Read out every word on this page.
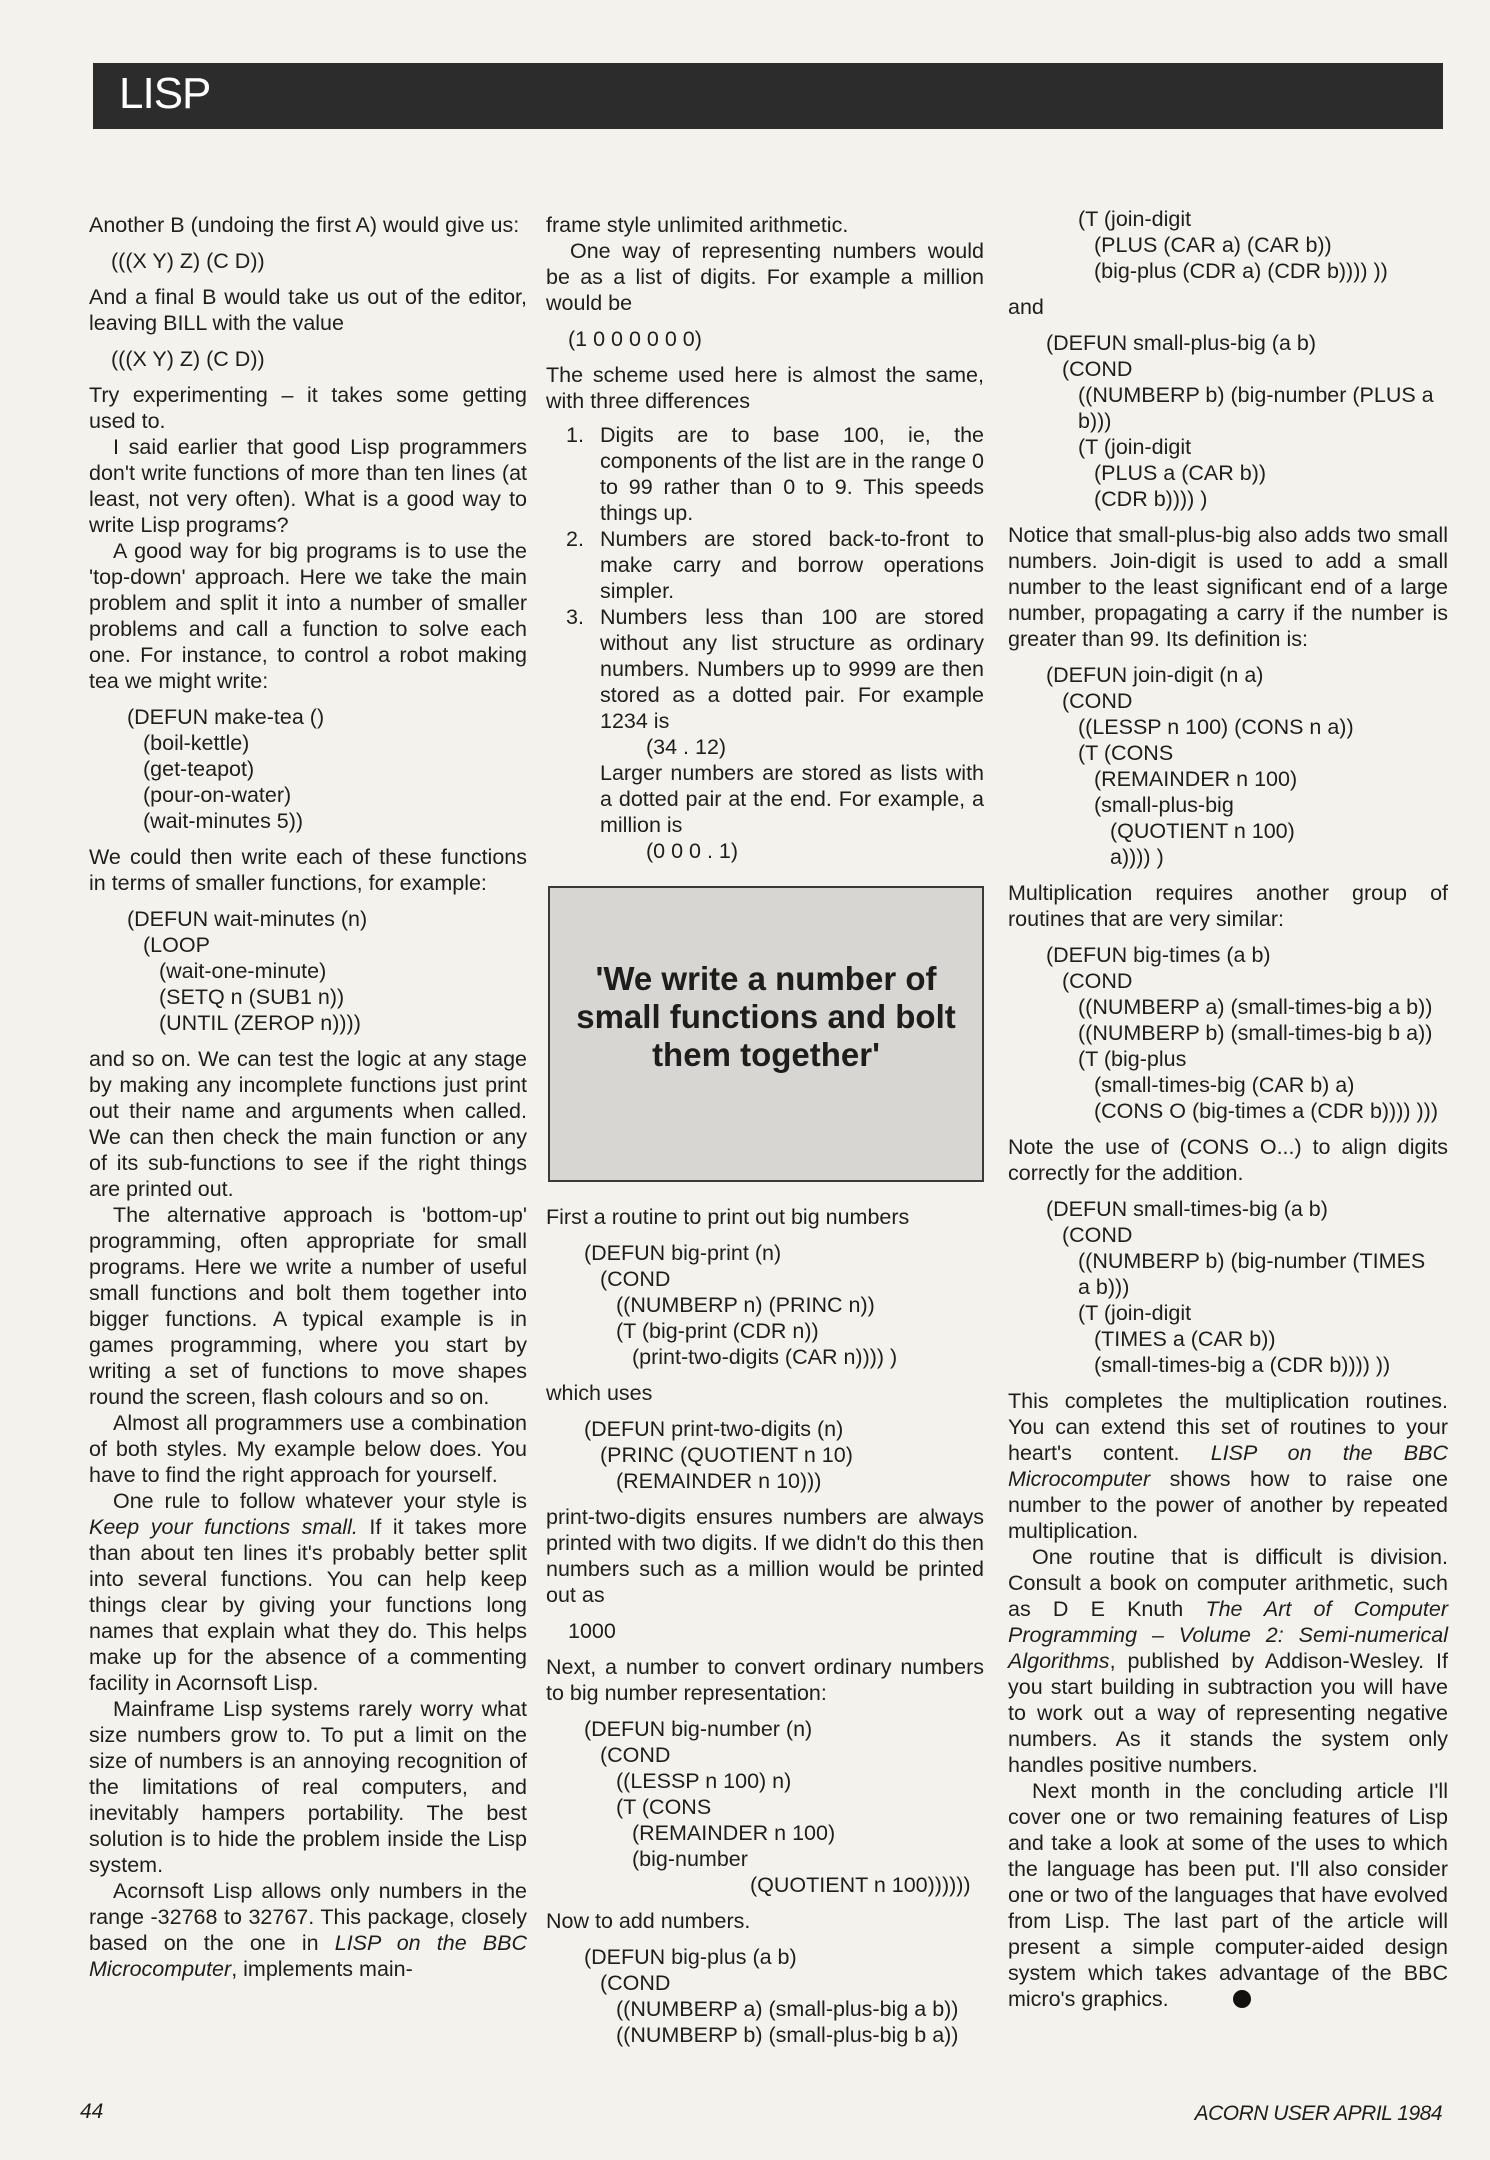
LISP

Another B (undoing the first A) would give us:

(((X Y) Z) (C D))

And a final B would take us out of the editor, leaving BILL with the value

(((X Y) Z) (C D))

Try experimenting – it takes some getting used to.

I said earlier that good Lisp programmers don't write functions of more than ten lines (at least, not very often). What is a good way to write Lisp programs?

A good way for big programs is to use the 'top-down' approach. Here we take the main problem and split it into a number of smaller problems and call a function to solve each one. For instance, to control a robot making tea we might write:

(DEFUN make-tea ()
(boil-kettle)
(get-teapot)
(pour-on-water)
(wait-minutes 5))

We could then write each of these functions in terms of smaller functions, for example:

(DEFUN wait-minutes (n)
(LOOP
(wait-one-minute)
(SETQ n (SUB1 n))
(UNTIL (ZEROP n))))

and so on. We can test the logic at any stage by making any incomplete functions just print out their name and arguments when called. We can then check the main function or any of its sub-functions to see if the right things are printed out.

The alternative approach is 'bottom-up' programming, often appropriate for small programs. Here we write a number of useful small functions and bolt them together into bigger functions. A typical example is in games programming, where you start by writing a set of functions to move shapes round the screen, flash colours and so on.

Almost all programmers use a combination of both styles. My example below does. You have to find the right approach for yourself.

One rule to follow whatever your style is Keep your functions small. If it takes more than about ten lines it's probably better split into several functions. You can help keep things clear by giving your functions long names that explain what they do. This helps make up for the absence of a commenting facility in Acornsoft Lisp.

Mainframe Lisp systems rarely worry what size numbers grow to. To put a limit on the size of numbers is an annoying recognition of the limitations of real computers, and inevitably hampers portability. The best solution is to hide the problem inside the Lisp system.

Acornsoft Lisp allows only numbers in the range -32768 to 32767. This package, closely based on the one in LISP on the BBC Microcomputer, implements main-

frame style unlimited arithmetic.

One way of representing numbers would be as a list of digits. For example a million would be

(1 0 0 0 0 0 0)

The scheme used here is almost the same, with three differences

1. Digits are to base 100, ie, the components of the list are in the range 0 to 99 rather than 0 to 9. This speeds things up.
2. Numbers are stored back-to-front to make carry and borrow operations simpler.
3. Numbers less than 100 are stored without any list structure as ordinary numbers. Numbers up to 9999 are then stored as a dotted pair. For example 1234 is
(34 . 12)
Larger numbers are stored as lists with a dotted pair at the end. For example, a million is
(0 0 0 . 1)
'We write a number of small functions and bolt them together'

First a routine to print out big numbers

(DEFUN big-print (n)
(COND
((NUMBERP n) (PRINC n))
(T (big-print (CDR n))
(print-two-digits (CAR n)))) )

which uses

(DEFUN print-two-digits (n)
(PRINC (QUOTIENT n 10)
(REMAINDER n 10)))

print-two-digits ensures numbers are always printed with two digits. If we didn't do this then numbers such as a million would be printed out as

1000

Next, a number to convert ordinary numbers to big number representation:

(DEFUN big-number (n)
(COND
((LESSP n 100) n)
(T (CONS
(REMAINDER n 100)
(big-number
(QUOTIENT n 100))))))

Now to add numbers.

(DEFUN big-plus (a b)
(COND
((NUMBERP a) (small-plus-big a b))
((NUMBERP b) (small-plus-big b a))
(T (join-digit
(PLUS (CAR a) (CAR b))
(big-plus (CDR a) (CDR b)))) ))

and

(DEFUN small-plus-big (a b)
(COND
((NUMBERP b) (big-number (PLUS a
b)))
(T (join-digit
(PLUS a (CAR b))
(CDR b)))) )

Notice that small-plus-big also adds two small numbers. Join-digit is used to add a small number to the least significant end of a large number, propagating a carry if the number is greater than 99. Its definition is:

(DEFUN join-digit (n a)
(COND
((LESSP n 100) (CONS n a))
(T (CONS
(REMAINDER n 100)
(small-plus-big
(QUOTIENT n 100)
a)))) )

Multiplication requires another group of routines that are very similar:

(DEFUN big-times (a b)
(COND
((NUMBERP a) (small-times-big a b))
((NUMBERP b) (small-times-big b a))
(T (big-plus
(small-times-big (CAR b) a)
(CONS O (big-times a (CDR b)))) )))

Note the use of (CONS O...) to align digits correctly for the addition.

(DEFUN small-times-big (a b)
(COND
((NUMBERP b) (big-number (TIMES
a b)))
(T (join-digit
(TIMES a (CAR b))
(small-times-big a (CDR b)))) ))

This completes the multiplication routines. You can extend this set of routines to your heart's content. LISP on the BBC Microcomputer shows how to raise one number to the power of another by repeated multiplication.

One routine that is difficult is division. Consult a book on computer arithmetic, such as D E Knuth The Art of Computer Programming – Volume 2: Semi-numerical Algorithms, published by Addison-Wesley. If you start building in subtraction you will have to work out a way of representing negative numbers. As it stands the system only handles positive numbers.

Next month in the concluding article I'll cover one or two remaining features of Lisp and take a look at some of the uses to which the language has been put. I'll also consider one or two of the languages that have evolved from Lisp. The last part of the article will present a simple computer-aided design system which takes advantage of the BBC micro's graphics.

44	ACORN USER APRIL 1984
